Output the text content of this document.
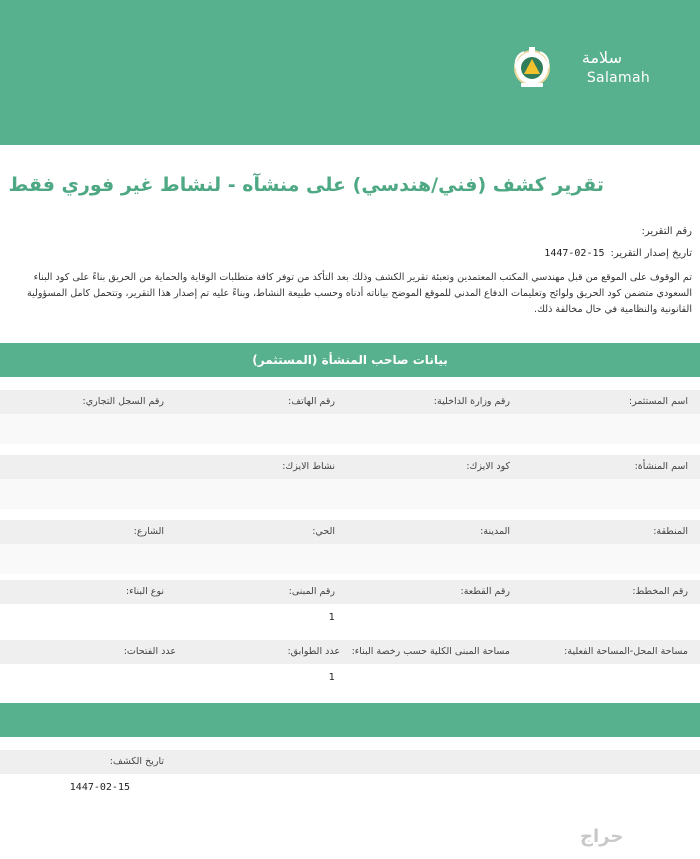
سلامة
Salamah
تقرير كشف (فني/هندسي) على منشآه - لنشاط غير فوري فقط
رقم التقرير:
تاريخ إصدار التقرير:1447-02-15
تم الوقوف على الموقع من قبل مهندسي المكتب المعتمدين وتعبئة تقرير الكشف وذلك بعد التأكد من توفر كافة متطلبات الوقاية والحماية من الحريق بناءً على كود البناء السعودي متضمن كود الحريق ولوائح وتعليمات الدفاع المدني للموقع الموضح بياناته أدناه وحسب طبيعة النشاط، وبناءً عليه تم إصدار هذا التقرير، وتتحمل كامل المسؤولية القانونية والنظامية في حال مخالفة ذلك.
بيانات صاحب المنشأة (المستثمر)
اسم المستثمر:
رقم وزارة الداخلية:
رقم الهاتف:
رقم السجل التجاري:
اسم المنشأة:
كود الايزك:
نشاط الايزك:
المنطقة:
المدينة:
الحي:
الشارع:
رقم المخطط:
رقم القطعة:
رقم المبنى:
نوع البناء:
1
مساحة المحل-المساحة الفعلية:
مساحة المبنى الكلية حسب رخصة البناء:
عدد الفتحات:
1
عدد الطوابق:
تاريخ الكشف:
1447-02-15
حراج
